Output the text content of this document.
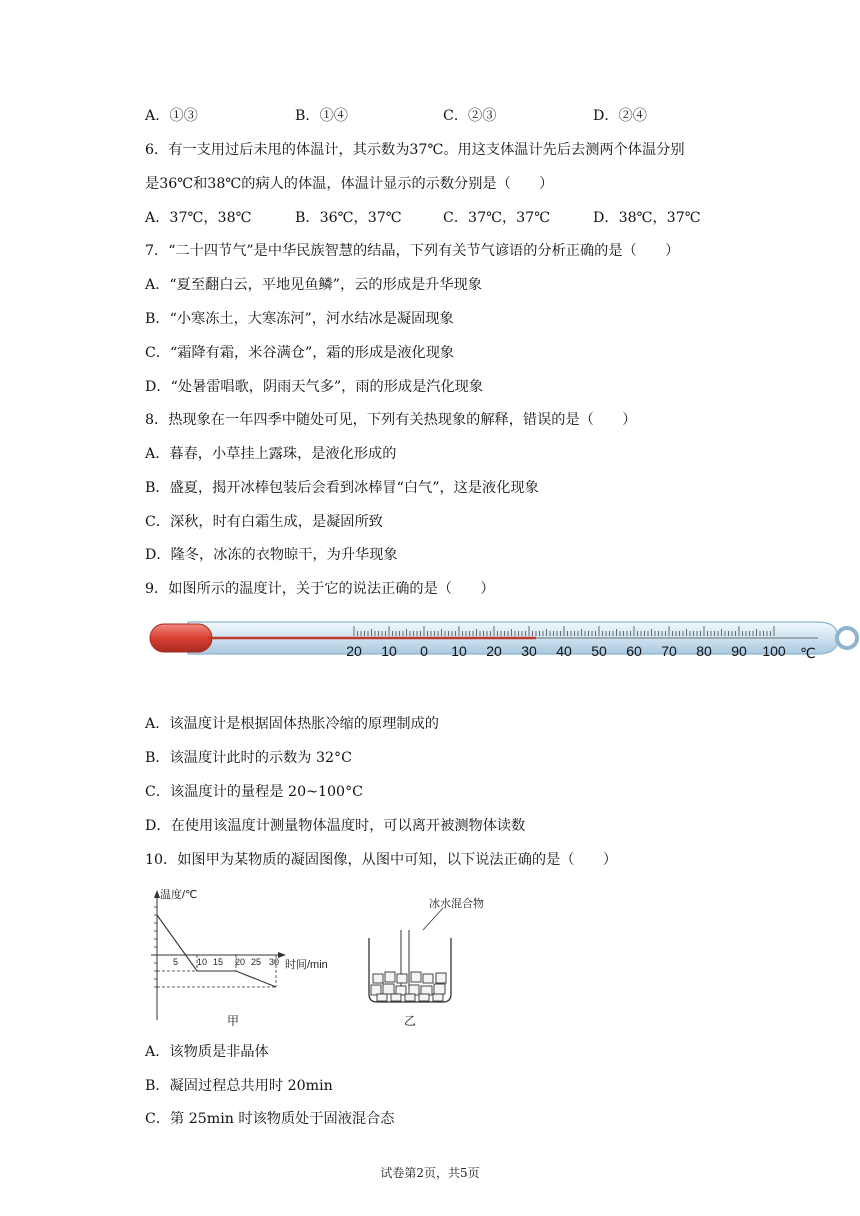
A．①③	B．①④	C．②③	D．②④
6．有一支用过后未甩的体温计，其示数为37℃。用这支体温计先后去测两个体温分别
是36℃和38℃的病人的体温，体温计显示的示数分别是（　　）
A．37℃，38℃	B．36℃，37℃	C．37℃，37℃	D．38℃，37℃
7．“二十四节气”是中华民族智慧的结晶，下列有关节气谚语的分析正确的是（　　）
A．“夏至翻白云，平地见鱼鳞”，云的形成是升华现象
B．“小寒冻土，大寒冻河”，河水结冰是凝固现象
C．“霜降有霜，米谷满仓”，霜的形成是液化现象
D．“处暑雷唱歌，阴雨天气多”，雨的形成是汽化现象
8．热现象在一年四季中随处可见，下列有关热现象的解释，错误的是（　　）
A．暮春，小草挂上露珠，是液化形成的
B．盛夏，揭开冰棒包装后会看到冰棒冒“白气”，这是液化现象
C．深秋，时有白霜生成，是凝固所致
D．隆冬，冰冻的衣物晾干，为升华现象
9．如图所示的温度计，关于它的说法正确的是（　　）
20 10 0 10 20 30 40 50 60 70 80 90 100 ℃
A．该温度计是根据固体热胀冷缩的原理制成的
B．该温度计此时的示数为 32°C
C．该温度计的量程是 20~100°C
D．在使用该温度计测量物体温度时，可以离开被测物体读数
10．如图甲为某物质的凝固图像，从图中可知，以下说法正确的是（　　）
温度/℃
时间/min
5 10 15 20 25 30
甲
冰水混合物
乙
A．该物质是非晶体
B．凝固过程总共用时 20min
C．第 25min 时该物质处于固液混合态
试卷第2页，共5页
